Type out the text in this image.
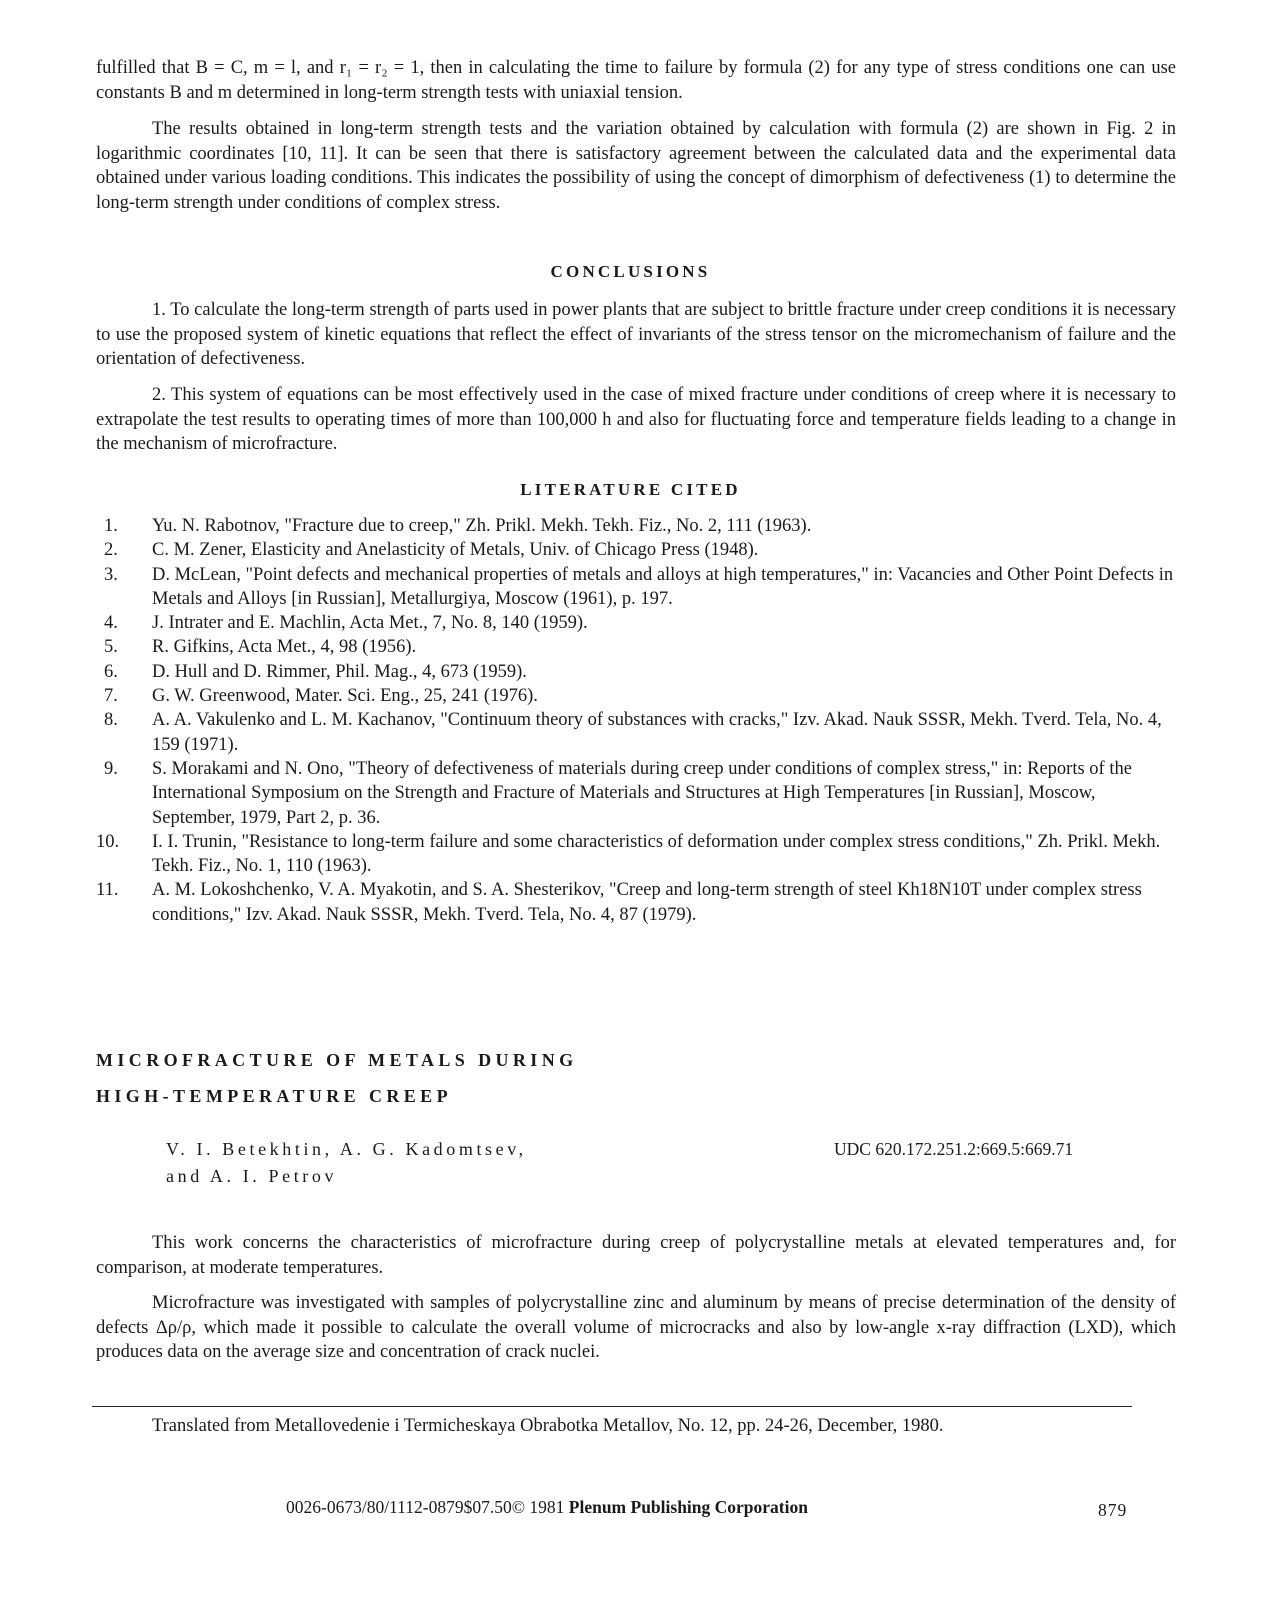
fulfilled that B = C, m = l, and r₁ = r₂ = 1, then in calculating the time to failure by formula (2) for any type of stress conditions one can use constants B and m determined in long-term strength tests with uniaxial tension.

The results obtained in long-term strength tests and the variation obtained by calculation with formula (2) are shown in Fig. 2 in logarithmic coordinates [10, 11]. It can be seen that there is satisfactory agreement between the calculated data and the experimental data obtained under various loading conditions. This indicates the possibility of using the concept of dimorphism of defectiveness (1) to determine the long-term strength under conditions of complex stress.

CONCLUSIONS

1. To calculate the long-term strength of parts used in power plants that are subject to brittle fracture under creep conditions it is necessary to use the proposed system of kinetic equations that reflect the effect of invariants of the stress tensor on the micromechanism of failure and the orientation of defectiveness.

2. This system of equations can be most effectively used in the case of mixed fracture under conditions of creep where it is necessary to extrapolate the test results to operating times of more than 100,000 h and also for fluctuating force and temperature fields leading to a change in the mechanism of microfracture.

LITERATURE CITED
1.	Yu. N. Rabotnov, "Fracture due to creep," Zh. Prikl. Mekh. Tekh. Fiz., No. 2, 111 (1963).
2.	C. M. Zener, Elasticity and Anelasticity of Metals, Univ. of Chicago Press (1948).
3.	D. McLean, "Point defects and mechanical properties of metals and alloys at high temperatures," in: Vacancies and Other Point Defects in Metals and Alloys [in Russian], Metallurgiya, Moscow (1961), p. 197.
4.	J. Intrater and E. Machlin, Acta Met., 7, No. 8, 140 (1959).
5.	R. Gifkins, Acta Met., 4, 98 (1956).
6.	D. Hull and D. Rimmer, Phil. Mag., 4, 673 (1959).
7.	G. W. Greenwood, Mater. Sci. Eng., 25, 241 (1976).
8.	A. A. Vakulenko and L. M. Kachanov, "Continuum theory of substances with cracks," Izv. Akad. Nauk SSSR, Mekh. Tverd. Tela, No. 4, 159 (1971).
9.	S. Morakami and N. Ono, "Theory of defectiveness of materials during creep under conditions of complex stress," in: Reports of the International Symposium on the Strength and Fracture of Materials and Structures at High Temperatures [in Russian], Moscow, September, 1979, Part 2, p. 36.
10.	I. I. Trunin, "Resistance to long-term failure and some characteristics of deformation under complex stress conditions," Zh. Prikl. Mekh. Tekh. Fiz., No. 1, 110 (1963).
11.	A. M. Lokoshchenko, V. A. Myakotin, and S. A. Shesterikov, "Creep and long-term strength of steel Kh18N10T under complex stress conditions," Izv. Akad. Nauk SSSR, Mekh. Tverd. Tela, No. 4, 87 (1979).
MICROFRACTURE OF METALS DURING
HIGH-TEMPERATURE CREEP
V. I. Betekhtin, A. G. Kadomtsev,
and A. I. Petrov
UDC 620.172.251.2:669.5:669.71

This work concerns the characteristics of microfracture during creep of polycrystalline metals at elevated temperatures and, for comparison, at moderate temperatures.

Microfracture was investigated with samples of polycrystalline zinc and aluminum by means of precise determination of the density of defects Δρ/ρ, which made it possible to calculate the overall volume of microcracks and also by low-angle x-ray diffraction (LXD), which produces data on the average size and concentration of crack nuclei.

Translated from Metallovedenie i Termicheskaya Obrabotka Metallov, No. 12, pp. 24-26, December, 1980.

0026-0673/80/1112-0879$07.50© 1981 Plenum Publishing Corporation	879
